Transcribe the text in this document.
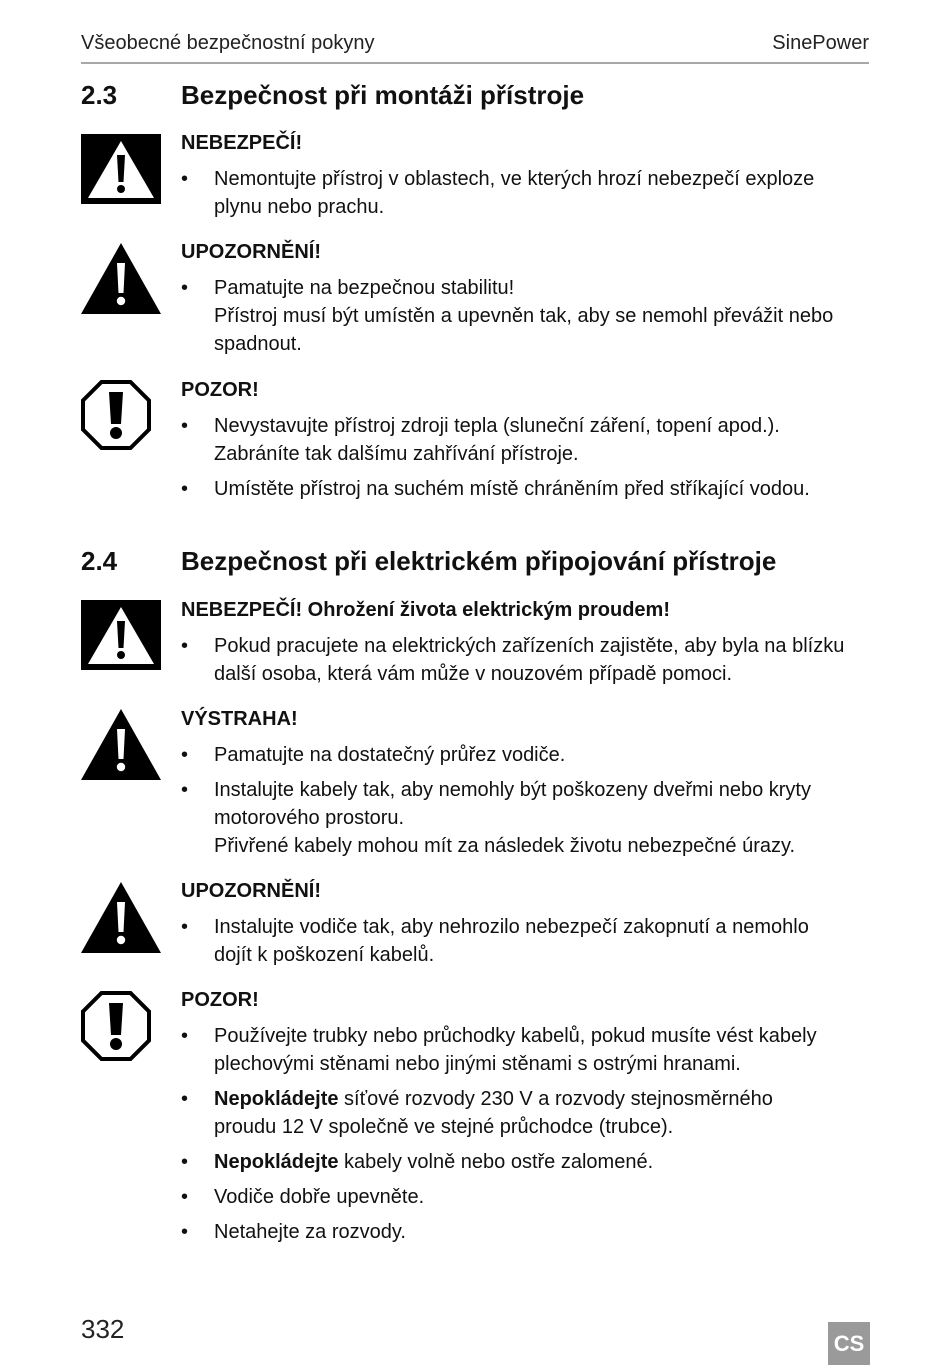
Všeobecné bezpečnostní pokyny	SinePower
2.3 Bezpečnost při montáži přístroje
NEBEZPEČÍ!
• Nemontujte přístroj v oblastech, ve kterých hrozí nebezpečí exploze
plynu nebo prachu.
UPOZORNĚNÍ!
• Pamatujte na bezpečnou stabilitu!
Přístroj musí být umístěn a upevněn tak, aby se nemohl převážit nebo
spadnout.
POZOR!
• Nevystavujte přístroj zdroji tepla (sluneční záření, topení apod.).
Zabráníte tak dalšímu zahřívání přístroje.
• Umístěte přístroj na suchém místě chráněním před stříkající vodou.
2.4 Bezpečnost při elektrickém připojování přístroje
NEBEZPEČÍ! Ohrožení života elektrickým proudem!
• Pokud pracujete na elektrických zařízeních zajistěte, aby byla na blízku
další osoba, která vám může v nouzovém případě pomoci.
VÝSTRAHA!
• Pamatujte na dostatečný průřez vodiče.
• Instalujte kabely tak, aby nemohly být poškozeny dveřmi nebo kryty
motorového prostoru.
Přivřené kabely mohou mít za následek životu nebezpečné úrazy.
UPOZORNĚNÍ!
• Instalujte vodiče tak, aby nehrozilo nebezpečí zakopnutí a nemohlo
dojít k poškození kabelů.
POZOR!
• Používejte trubky nebo průchodky kabelů, pokud musíte vést kabely
plechovými stěnami nebo jinými stěnami s ostrými hranami.
• Nepokládejte síťové rozvody 230 V a rozvody stejnosměrného
proudu 12 V společně ve stejné průchodce (trubce).
• Nepokládejte kabely volně nebo ostře zalomené.
• Vodiče dobře upevněte.
• Netahejte za rozvody.
332	CS
